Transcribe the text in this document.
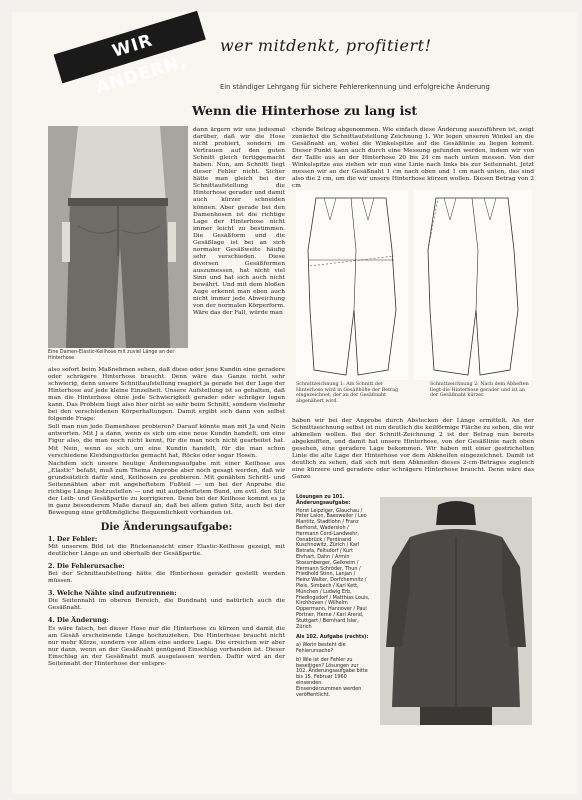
WIR ÄNDERN,
wer mitdenkt, profitiert!
Ein ständiger Lehrgang für sichere Fehlererkennung und erfolgreiche Änderung
Wenn die Hinterhose zu lang ist
Eine Damen-Elastic-Keilhose mit zuviel Länge an der Hinterhose
dann ärgern wir uns jedesmal darüber, daß wir die Hose nicht probiert, sondern im Vertrauen auf den guten Schnitt gleich fertiggemacht haben. Nun, am Schnitt liegt dieser Fehler nicht. Sicher hätte man gleich bei der Schnittaufstellung die Hinterhose gerader und damit auch kürzer schneiden können. Aber gerade bei den Damenhosen ist die richtige Lage der Hinterhose nicht immer leicht zu bestimmen. Die Gesäßform und die Gesäßlage ist bei an sich normaler Gesäßweite häufig sehr verschieden. Diese diversen Gesäßformen auszumessen, hat nicht viel Sinn und hat sich auch nicht bewährt. Und mit dem bloßen Auge erkennt man eben auch nicht immer jede Abweichung von der normalen Körperform. Wäre das der Fall, würde man

also sofort beim Maßnehmen sehen, daß diese oder jene Kundin eine geradere oder schrägere Hinterhose braucht. Denn wäre das Ganze nicht sehr schwierig, denn unsere Schnittaufstellung reagiert ja gerade bei der Lage der Hinterhose auf jede kleine Einzelheit. Unsere Aufstellung ist so gehalten, daß man die Hinterhose ohne jede Schwierigkeit gerader oder schräger legen kann. Das Problem liegt also hier nicht so sehr beim Schnitt, sondern vielmehr bei den verschiedenen Körperhaltungen. Damit ergibt sich dann von selbst folgende Frage:

Soll man nun jede Damenhose probieren? Darauf könnte man mit Ja und Nein antworten. Mit J a dann, wenn es sich um eine neue Kundin handelt, um eine Figur also, die man noch nicht kennt, für die man noch nicht gearbeitet hat. Mit Nein, wenn es sich um eine Kundin handelt, für die man schon verschiedene Kleidungsstücke gemacht hat, Röcke oder sogar Hosen.

Nachdem sich unsere heutige Änderungsaufgabe mit einer Keilhose aus „Elastic" befaßt, muß zum Thema Anprobe aber noch gesagt werden, daß wir grundsätzlich dafür sind, Keilhosen zu probieren. Mit genähten Schritt- und Seitennähten aber mit angeheftetem Fußteil — um bei der Anprobe die richtige Länge festzustellen — und mit aufgeheftetem Bund, um evtl. den Sitz der Leib- und Gesäßpartie zu korrigieren. Denn bei der Keilhose kommt es ja in ganz besonderem Maße darauf an, daß bei allem guten Sitz, auch bei der Bewegung eine größtmögliche Bequemlichkeit vorhanden ist.

Die Änderungsaufgabe:
1. Der Fehler:

Mit unserem Bild ist die Rückenansicht einer Elastic-Keilhose gezeigt, mit deutlicher Länge an und oberhalb der Gesäßpartie.

2. Die Fehlerursache:

Bei der Schnittaufstellung hätte die Hinterhose gerader gestellt werden müssen.

3. Welche Nähte sind aufzutrennen:

Die Seitennaht im oberen Bereich, die Bundnaht und natürlich auch die Gesäßnaht.

4. Die Änderung:

Es wäre falsch, bei dieser Hose nur die Hinterhose zu kürzen und damit die am Gesäß erscheinende Länge hochzuziehen. Die Hinterhose braucht nicht nur mehr Kürze, sondern vor allem eine andere Lage. Die erreichen wir aber nur dann, wenn an der Gesäßnaht genügend Einschlag vorhanden ist. Dieser Einschlag an der Gesäßnaht muß ausgelassen werden. Dafür wird an der Seitennaht der Hinterhose der entspre-

chende Betrag abgenommen. Wie einfach diese Änderung auszuführen ist, zeigt zunächst die Schnittaufstellung Zeichnung 1. Wir legen unseren Winkel an die Gesäßnaht an, wobei die Winkelspitze auf die Gesäßlinie zu liegen kommt. Dieser Punkt kann auch durch eine Messung gefunden werden, indem wir von der Taille aus an der Hinterhose 20 bis 24 cm nach unten messen. Von der Winkelspitze aus ziehen wir nun eine Linie nach links bis zur Seitennaht. Jetzt messen wir an der Gesäßnaht 1 cm nach oben und 1 cm nach unten, das sind also die 2 cm, um die wir unsere Hinterhose kürzen wollen. Diesen Betrag von 2 cm
Schnittzeichnung 1: Am Schnitt der Hinterhose wird in Gesäßhöhe der Betrag eingezeichnet, der an der Gesäßnaht abgenähert wird.
Schnittzeichnung 2: Nach dem Abheften liegt die Hinterhose gerader und ist an der Gesäßnaht kürzer.
haben wir bei der Anprobe durch Abstecken der Länge ermittelt. An der Schnittzeichnung selbst ist nun deutlich die keilförmige Fläche zu sehen, die wir abknellen wollen. Bei der Schnitt-Zeichnung 2 ist der Betrag nun bereits abgeknifften, und damit hat unsere Hinterhose, von der Gesäßlinie nach oben gesehen, eine geradere Lage bekommen. Wir haben mit einer gestrichelten Linie die alte Lage der Hinterhose vor dem Abkneifen eingezeichnet. Damit ist deutlich zu sehen, daß sich mit dem Abkneifen dieses 2-cm-Betrages zugleich eine kürzere und geradere oder schrägere Hinterhose braucht. Denn wäre das Ganze
Lösungen zu 101. Änderungsaufgabe:
Horst Leipziger, Glauchau / Peter Laion, Baesweiler / Leo Mantitz, Stadtlohn / Franz Berhorst, Wadersloh / Hermann Cord-Landwehr, Osnabrück / Ferdinand Kuschnowitz, Zürich / Karl Betrafa, Feltsdorf / Kurt Ehrhart, Dahn / Armin Stossmberger, Gelkreim / Hermann Schröder, Thun / Friedhold Stinn, Lanjan / Heinz Walter, Dorfchemnitz / Pleis, Simbach / Karl Kett, München / Ludwig Erb, Friedingsdorf / Matthias Louis, Kirchhoven / Wilhelm Oppermann, Hannover / Paul Pörtner, Herne / Karl Arend, Stuttgart / Bernhard Isler, Zürich
Als 102. Aufgabe (rechts):
a) Worin besteht die Fehlerursache?
b) Wie ist der Fehler zu beseitigen? Lösungen zur 102. Änderungsaufgabe bitte bis 15. Februar 1960 einsenden. Einsenderzummen werden veröffentlicht.
